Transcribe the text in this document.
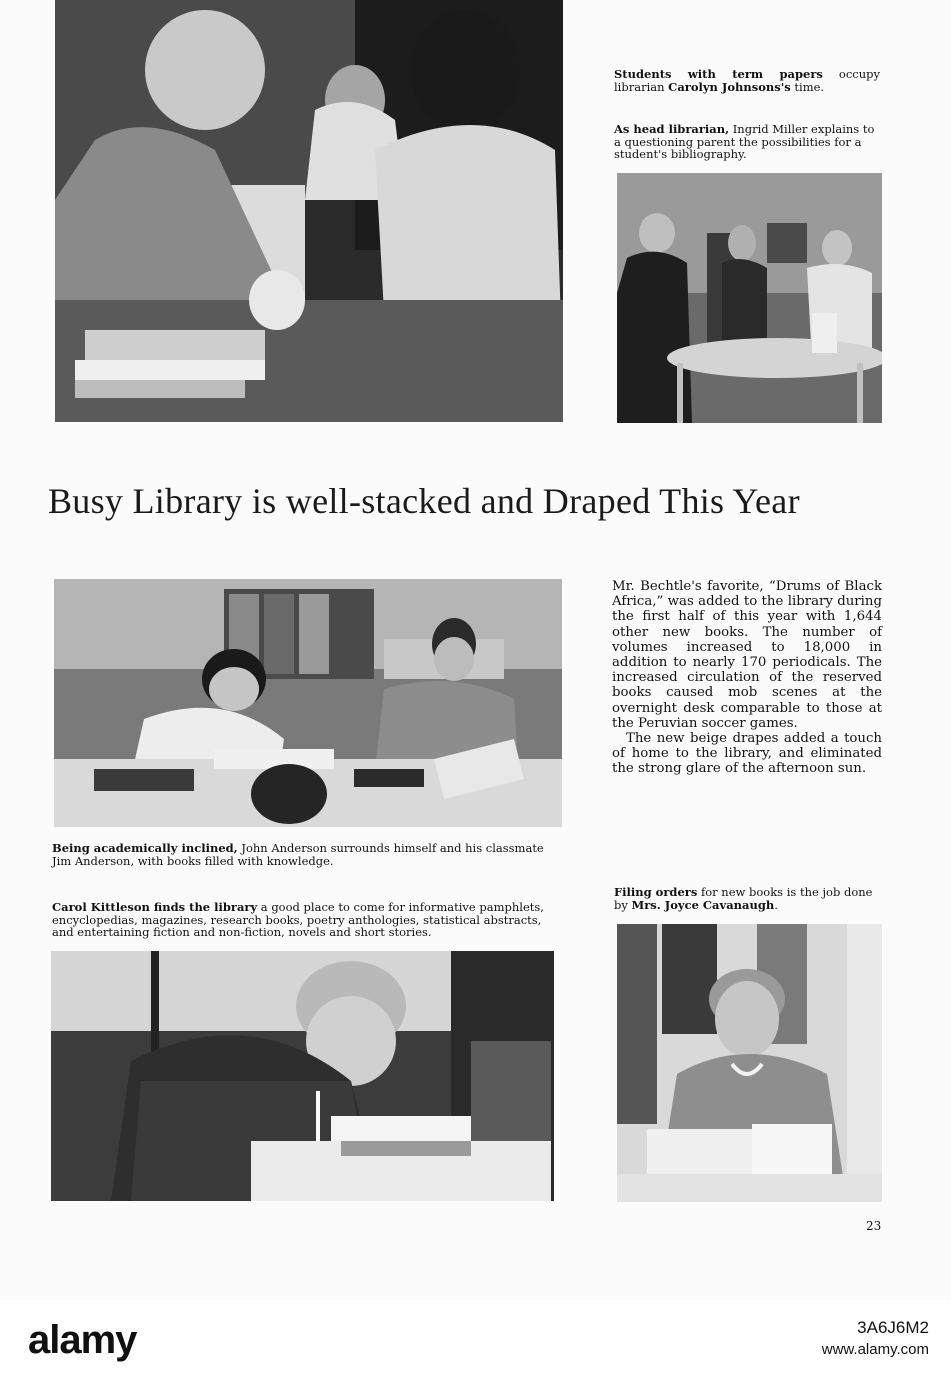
Students with term papers occupy librarian Carolyn Johnsons's time.

As head librarian, Ingrid Miller explains to a questioning parent the possibilities for a student's bibliography.

Busy Library is well-stacked and Draped This Year

Mr. Bechtle's favorite, “Drums of Black Africa,” was added to the library during the first half of this year with 1,644 other new books. The number of volumes increased to 18,000 in addition to nearly 170 periodicals. The increased circulation of the reserved books caused mob scenes at the overnight desk comparable to those at the Peruvian soccer games.

The new beige drapes added a touch of home to the library, and eliminated the strong glare of the afternoon sun.

Being academically inclined, John Anderson surrounds himself and his classmate Jim Anderson, with books filled with knowledge.

Carol Kittleson finds the library a good place to come for informative pamphlets, encyclopedias, magazines, research books, poetry anthologies, statistical abstracts, and entertaining fiction and non-fiction, novels and short stories.

Filing orders for new books is the job done by Mrs. Joyce Cavanaugh.

23
alamy	3A6J6M2
www.alamy.com
